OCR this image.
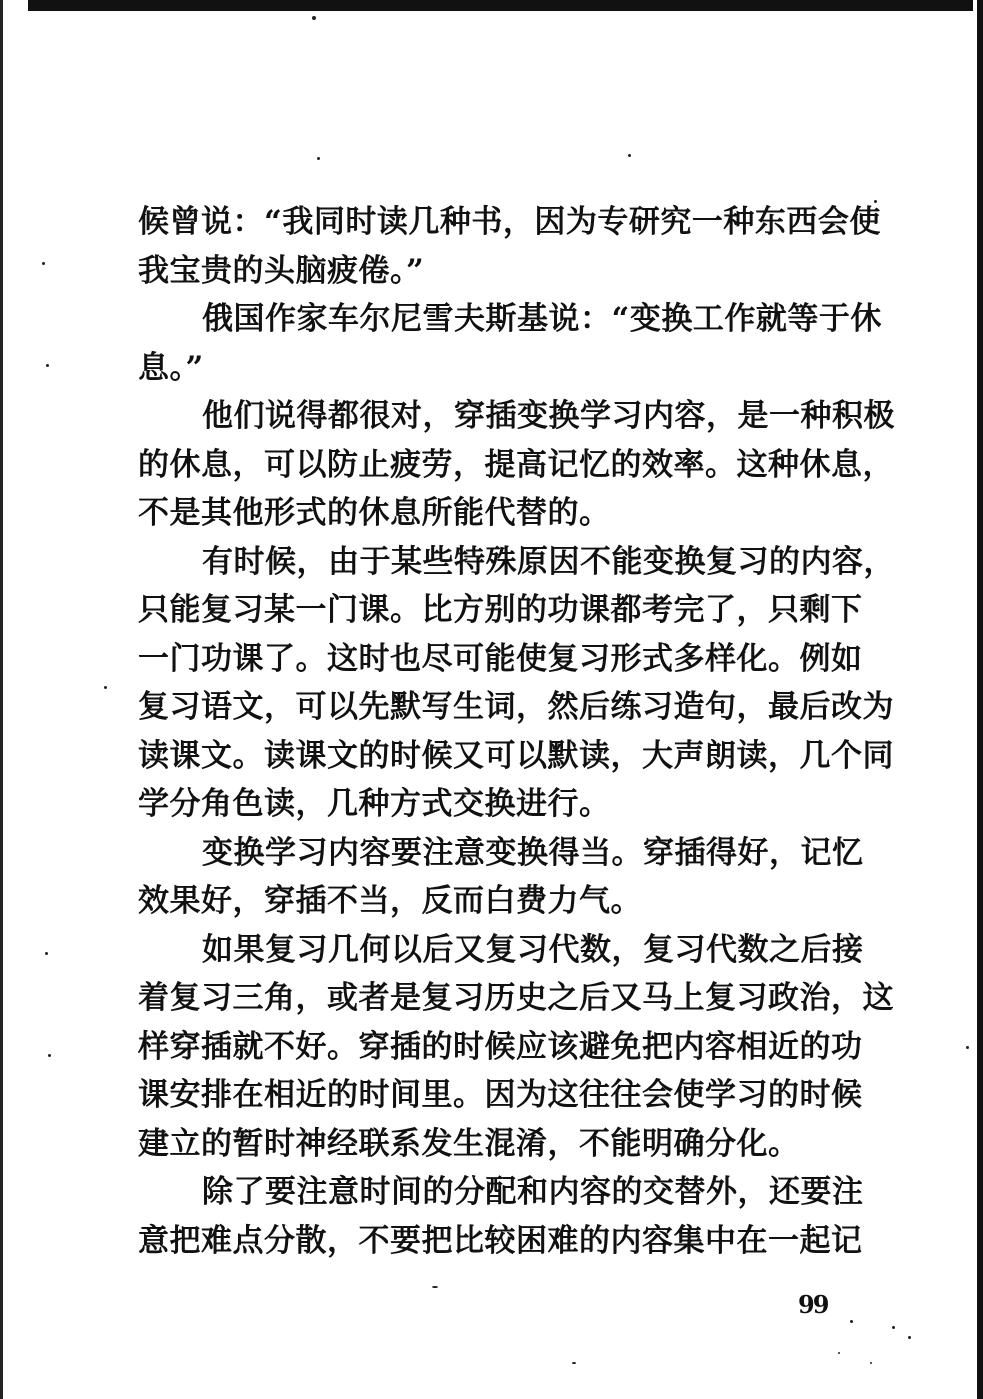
候曾说：“我同时读几种书，因为专研究一种东西会使
我宝贵的头脑疲倦。”
俄国作家车尔尼雪夫斯基说：“变换工作就等于休
息。”
他们说得都很对，穿插变换学习内容，是一种积极
的休息，可以防止疲劳，提高记忆的效率。这种休息，
不是其他形式的休息所能代替的。
有时候，由于某些特殊原因不能变换复习的内容，
只能复习某一门课。比方别的功课都考完了，只剩下
一门功课了。这时也尽可能使复习形式多样化。例如
复习语文，可以先默写生词，然后练习造句，最后改为
读课文。读课文的时候又可以默读，大声朗读，几个同
学分角色读，几种方式交换进行。
变换学习内容要注意变换得当。穿插得好，记忆
效果好，穿插不当，反而白费力气。
如果复习几何以后又复习代数，复习代数之后接
着复习三角，或者是复习历史之后又马上复习政治，这
样穿插就不好。穿插的时候应该避免把内容相近的功
课安排在相近的时间里。因为这往往会使学习的时候
建立的暂时神经联系发生混淆，不能明确分化。
除了要注意时间的分配和内容的交替外，还要注
意把难点分散，不要把比较困难的内容集中在一起记
99
